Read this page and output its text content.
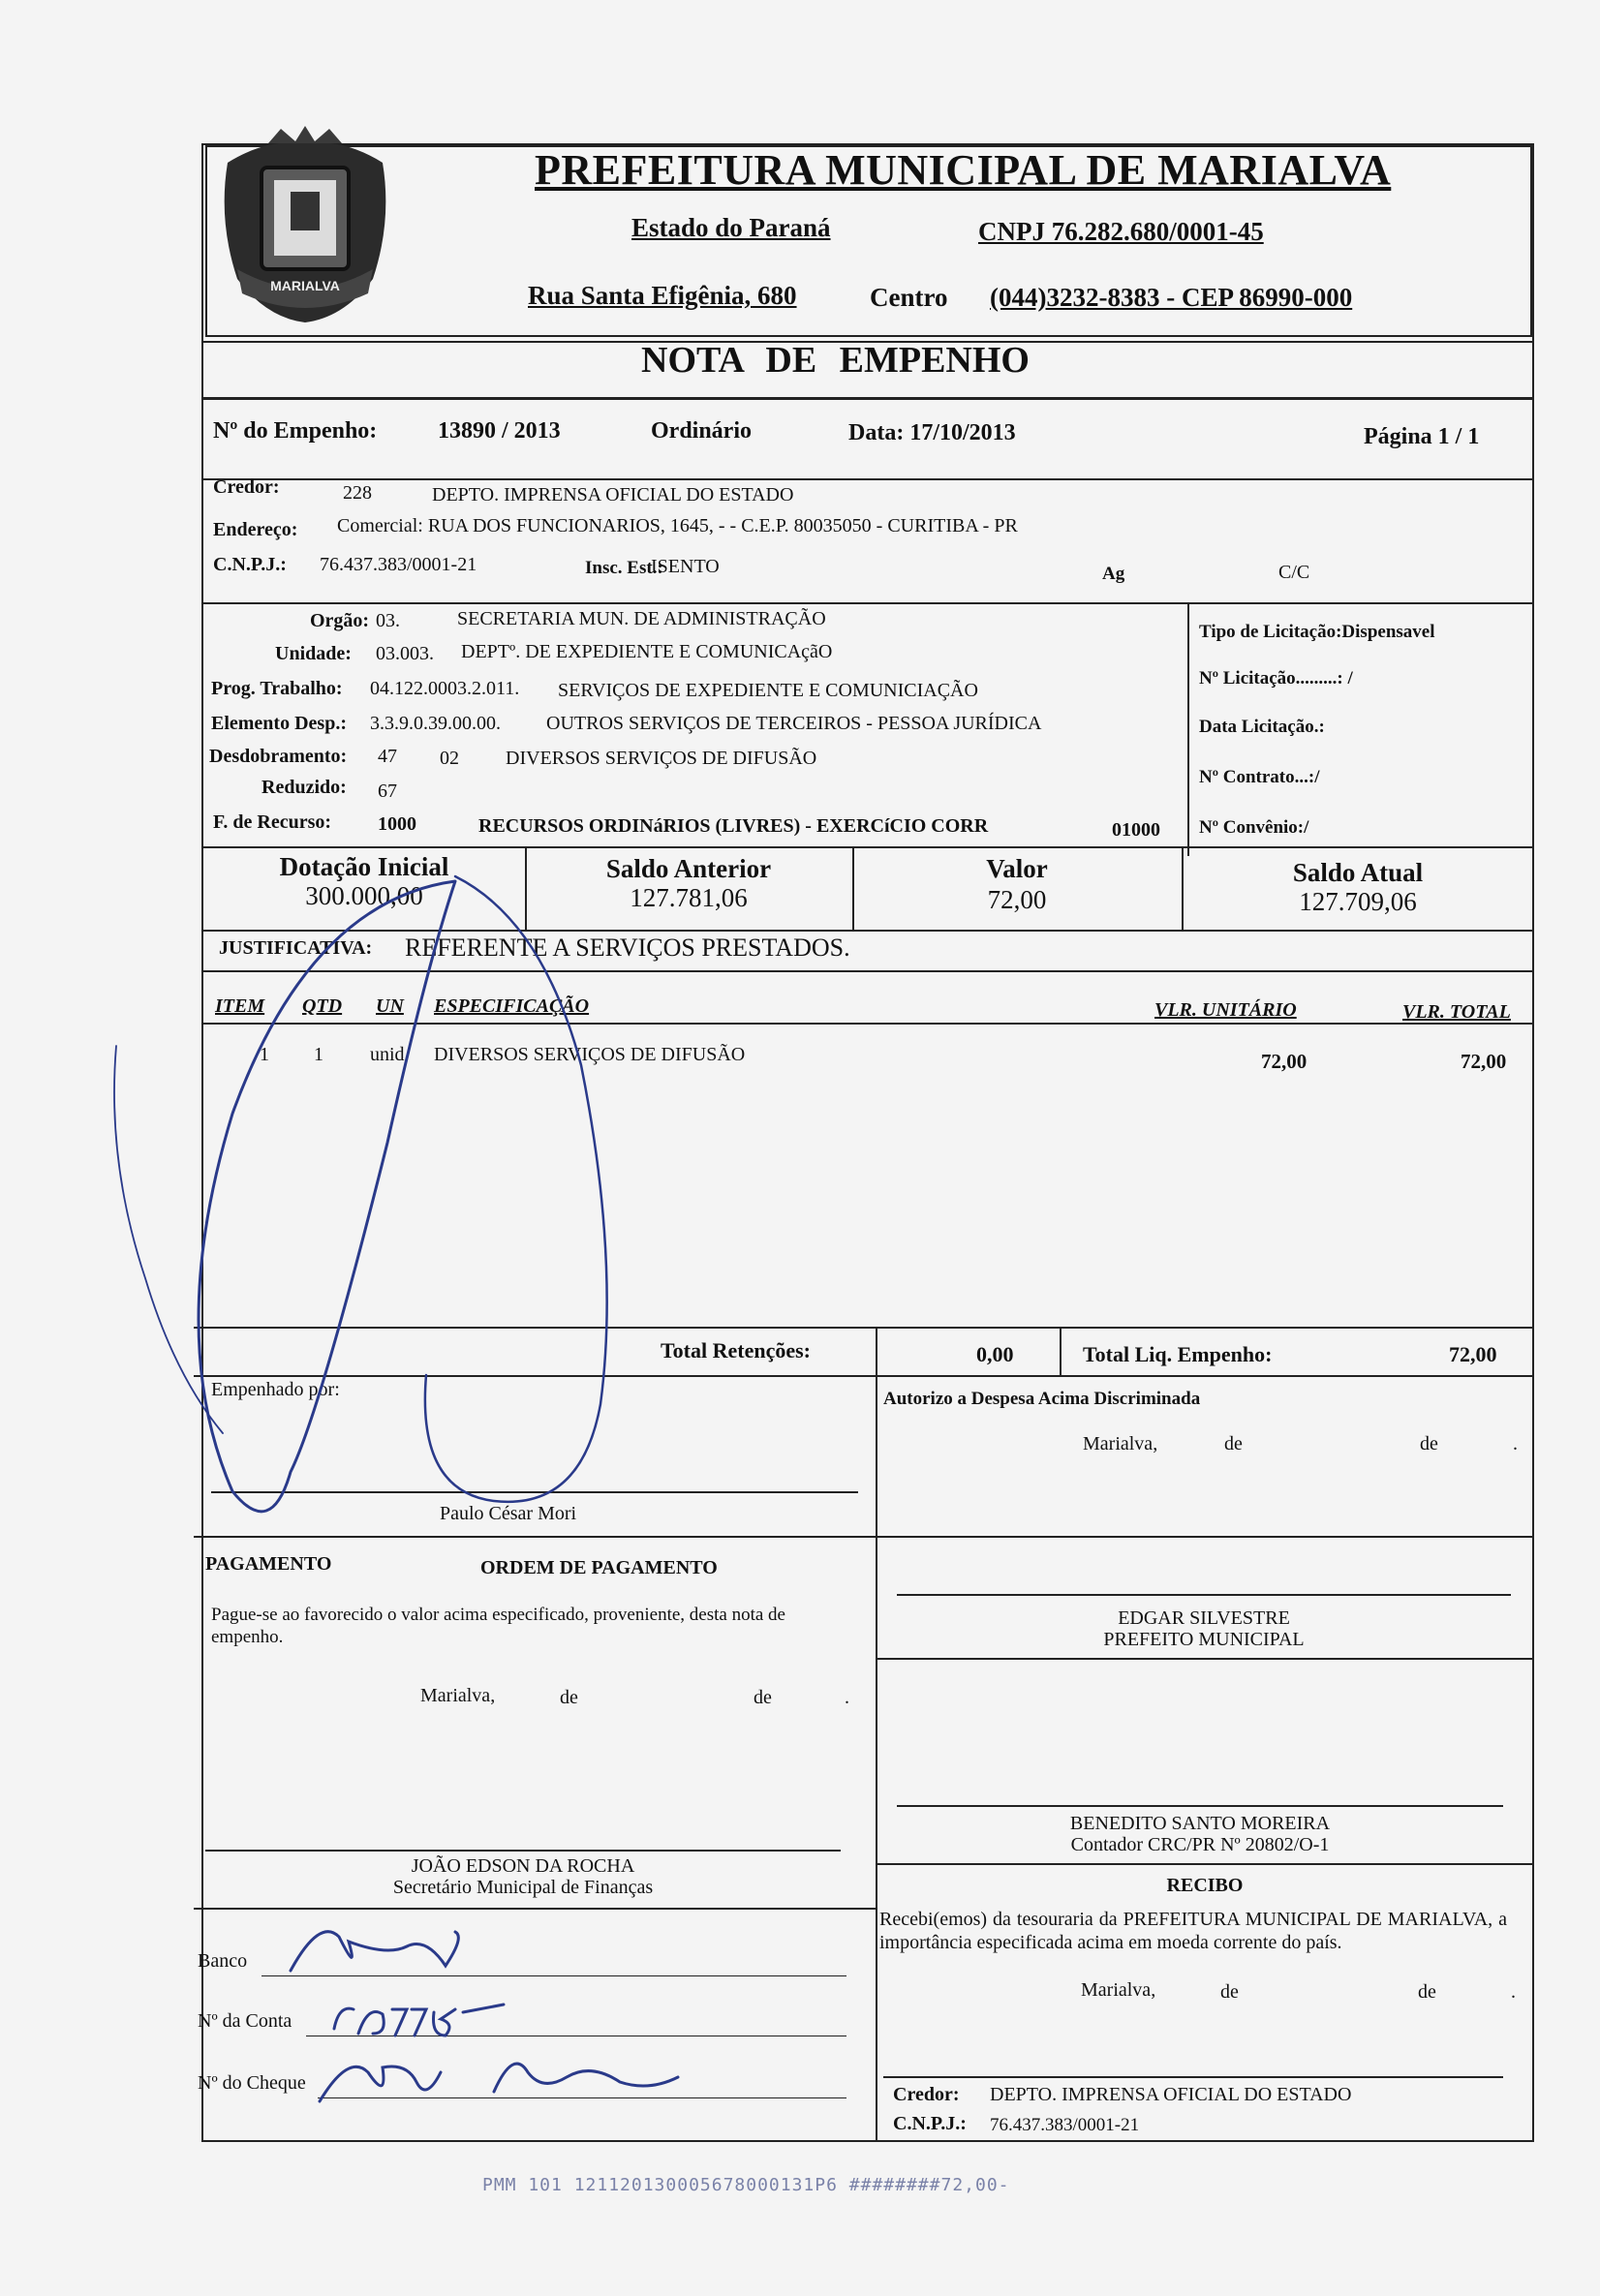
MARIALVA
PREFEITURA MUNICIPAL DE MARIALVA
Estado do Paraná	CNPJ 76.282.680/0001-45
Rua Santa Efigênia, 680	Centro (044)3232-8383 - CEP 86990-000
NOTA DE EMPENHO
Nº do Empenho:	13890 / 2013	Ordinário	Data: 17/10/2013	Página 1 / 1
Credor:	228	DEPTO. IMPRENSA OFICIAL DO ESTADO
Endereço: Comercial: RUA DOS FUNCIONARIOS, 1645, - - C.E.P. 80035050 - CURITIBA - PR
C.N.P.J.: 76.437.383/0001-21	Insc. Est.:
ISENTO	Ag	C/C
Orgão: 03.	SECRETARIA MUN. DE ADMINISTRAÇÃO
Unidade: 03.003. DEPTº. DE EXPEDIENTE E COMUNICAçãO
Prog. Trabalho: 04.122.0003.2.011. SERVIÇOS DE EXPEDIENTE E COMUNICIAÇÃO
Elemento Desp.: 3.3.9.0.39.00.00. OUTROS SERVIÇOS DE TERCEIROS - PESSOA JURÍDICA
Desdobramento: 47 02 DIVERSOS SERVIÇOS DE DIFUSÃO
Reduzido: 67
F. de Recurso: 1000	RECURSOS ORDINáRIOS (LIVRES) - EXERCíCIO CORR	01000
Tipo de Licitação:Dispensavel
Nº Licitação.........: /
Data Licitação.:
Nº Contrato...:/
Nº Convênio:/
Dotação Inicial
300.000,00
Saldo Anterior
127.781,06
Valor
72,00
Saldo Atual
127.709,06
JUSTIFICATIVA: REFERENTE A SERVIÇOS PRESTADOS.
ITEM QTD UN ESPECIFICAÇÃO	VLR. UNITÁRIO	VLR. TOTAL
1 1 unid DIVERSOS SERVIÇOS DE DIFUSÃO	72,00	72,00
Total Retenções:	0,00	Total Liq. Empenho:	72,00
Empenhado por:
Paulo César Mori
Autorizo a Despesa Acima Discriminada
Marialva,	de	de	.
PAGAMENTO	ORDEM DE PAGAMENTO
Pague-se ao favorecido o valor acima especificado, proveniente, desta nota de empenho.
Marialva,	de	de	.
EDGAR SILVESTRE
PREFEITO MUNICIPAL
BENEDITO SANTO MOREIRA
Contador CRC/PR Nº 20802/O-1
JOÃO EDSON DA ROCHA
Secretário Municipal de Finanças
Banco
Nº da Conta
Nº do Cheque
RECIBO
Recebi(emos) da tesouraria da PREFEITURA MUNICIPAL DE MARIALVA, a importância especificada acima em moeda corrente do país.
Marialva,	de	de	.
Credor: DEPTO. IMPRENSA OFICIAL DO ESTADO
C.N.P.J.: 76.437.383/0001-21
PMM 101 121120130005678000131P6 ########72,00-
